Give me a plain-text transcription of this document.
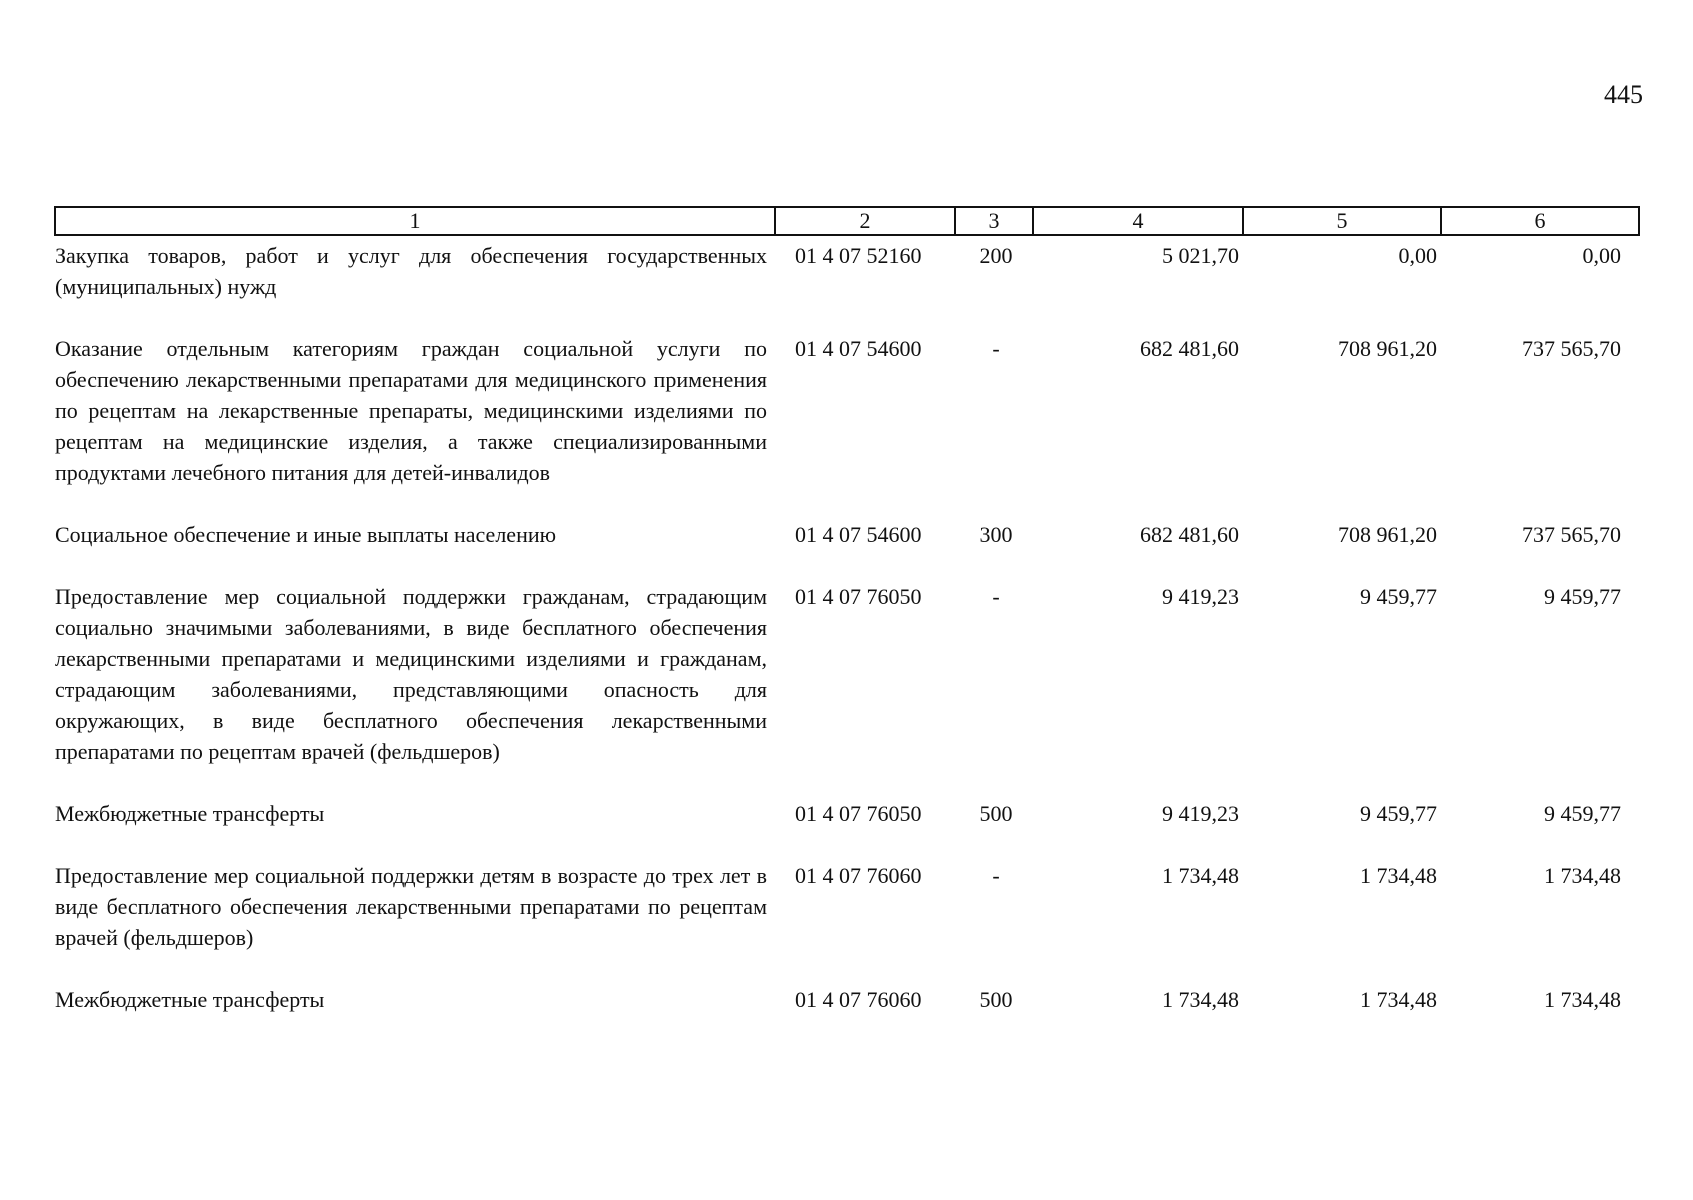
445
1	2	3	4	5	6
Закупка товаров, работ и услуг для обеспечения государственных (муниципальных) нужд	01 4 07 52160	200	5 021,70	0,00	0,00
Оказание отдельным категориям граждан социальной услуги по обеспечению лекарственными препаратами для медицинского применения по рецептам на лекарственные препараты, медицинскими изделиями по рецептам на медицинские изделия, а также специализированными продуктами лечебного питания для детей-инвалидов	01 4 07 54600	-	682 481,60	708 961,20	737 565,70
Социальное обеспечение и иные выплаты населению	01 4 07 54600	300	682 481,60	708 961,20	737 565,70
Предоставление мер социальной поддержки гражданам, страдающим социально значимыми заболеваниями, в виде бесплатного обеспечения лекарственными препаратами и медицинскими изделиями и гражданам, страдающим заболеваниями, представляющими опасность для окружающих, в виде бесплатного обеспечения лекарственными препаратами по рецептам врачей (фельдшеров)	01 4 07 76050	-	9 419,23	9 459,77	9 459,77
Межбюджетные трансферты	01 4 07 76050	500	9 419,23	9 459,77	9 459,77
Предоставление мер социальной поддержки детям в возрасте до трех лет в виде бесплатного обеспечения лекарственными препаратами по рецептам врачей (фельдшеров)	01 4 07 76060	-	1 734,48	1 734,48	1 734,48
Межбюджетные трансферты	01 4 07 76060	500	1 734,48	1 734,48	1 734,48
